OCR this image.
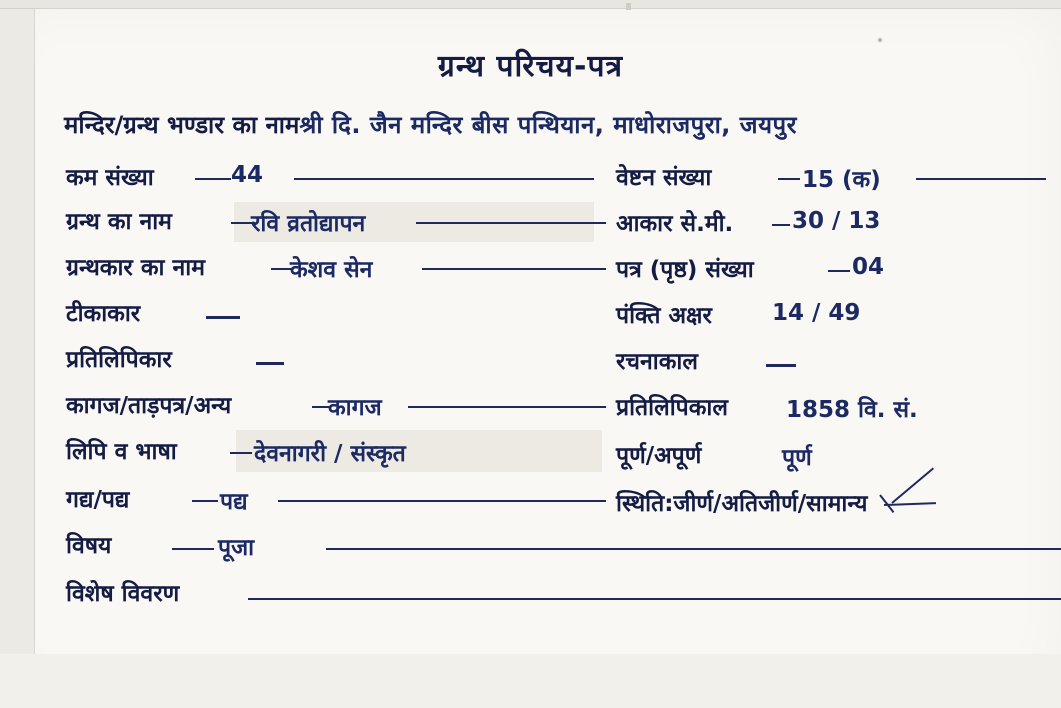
ग्रन्थ परिचय-पत्र
मन्दिर/ग्रन्थ भण्डार का नामश्री दि. जैन मन्दिर बीस पन्थियान, माधोराजपुरा, जयपुर
कम संख्या	44
ग्रन्थ का नाम	रवि व्रतोद्यापन
ग्रन्थकार का नाम	केशव सेन
टीकाकार
प्रतिलिपिकार
कागज/ताड़पत्र/अन्य	कागज
लिपि व भाषा	देवनागरी / संस्कृत
गद्य/पद्य	पद्य
विषय	पूजा
विशेष विवरण
वेष्टन संख्या	15 (क)
आकार से.मी.	30 / 13
पत्र (पृष्ठ) संख्या	04
पंक्ति अक्षर	14 / 49
रचनाकाल
प्रतिलिपिकाल	1858 वि. सं.
पूर्ण/अपूर्ण	पूर्ण
स्थिति:जीर्ण/अतिजीर्ण/सामान्य
